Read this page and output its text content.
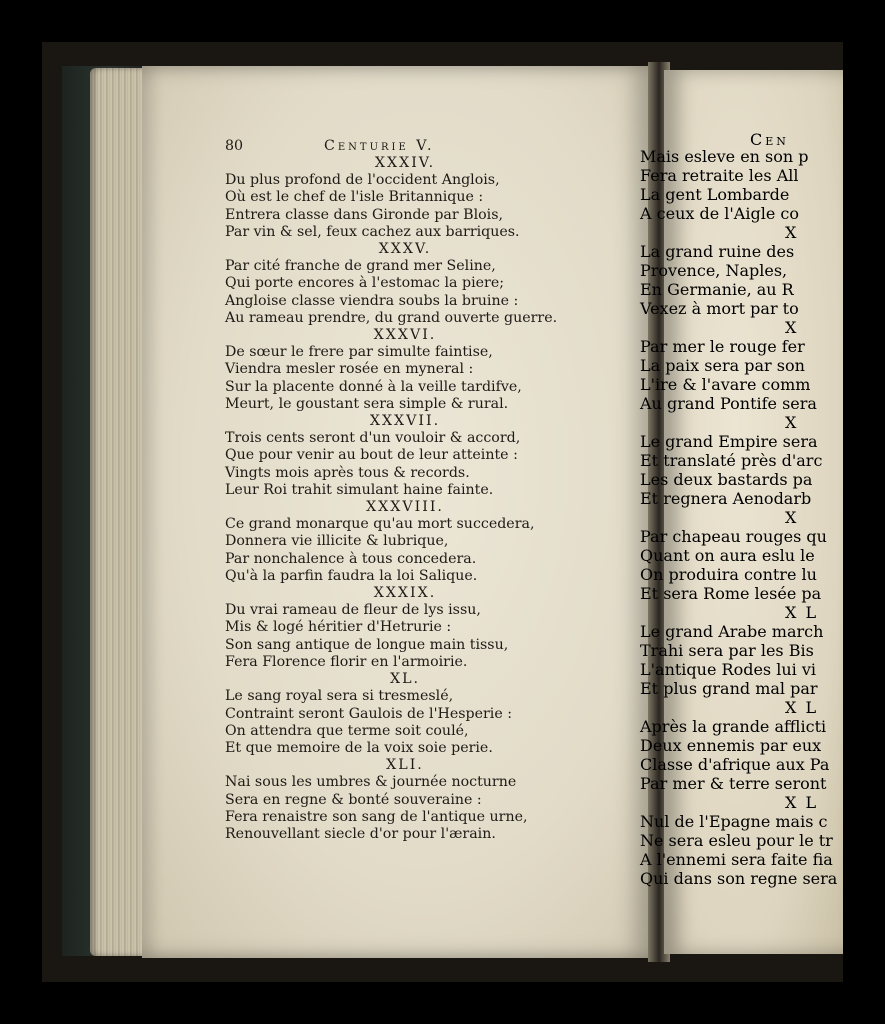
80	Centurie V.
XXXIV.
Du plus profond de l'occident Anglois,
Où est le chef de l'isle Britannique :
Entrera classe dans Gironde par Blois,
Par vin & sel, feux cachez aux barriques.
XXXV.
Par cité franche de grand mer Seline,
Qui porte encores à l'estomac la piere;
Angloise classe viendra soubs la bruine :
Au rameau prendre, du grand ouverte guerre.
XXXVI.
De sœur le frere par simulte faintise,
Viendra mesler rosée en myneral :
Sur la placente donné à la veille tardifve,
Meurt, le goustant sera simple & rural.
XXXVII.
Trois cents seront d'un vouloir & accord,
Que pour venir au bout de leur atteinte :
Vingts mois après tous & records.
Leur Roi trahit simulant haine fainte.
XXXVIII.
Ce grand monarque qu'au mort succedera,
Donnera vie illicite & lubrique,
Par nonchalence à tous concedera.
Qu'à la parfin faudra la loi Salique.
XXXIX.
Du vrai rameau de fleur de lys issu,
Mis & logé héritier d'Hetrurie :
Son sang antique de longue main tissu,
Fera Florence florir en l'armoirie.
XL.
Le sang royal sera si tresmeslé,
Contraint seront Gaulois de l'Hesperie :
On attendra que terme soit coulé,
Et que memoire de la voix soie perie.
XLI.
Nai sous les umbres & journée nocturne
Sera en regne & bonté souveraine :
Fera renaistre son sang de l'antique urne,
Renouvellant siecle d'or pour l'ærain.
Cen
Mais esleve en son p
Fera retraite les All
La gent Lombarde
A ceux de l'Aigle co
X
La grand ruine des
Provence, Naples,
En Germanie, au R
Vexez à mort par to
X
Par mer le rouge fer
La paix sera par son
L'ire & l'avare comm
Au grand Pontife sera
X
Le grand Empire sera
Et translaté près d'arc
Les deux bastards pa
Et regnera Aenodarb
X
Par chapeau rouges qu
Quant on aura eslu le
On produira contre lu
Et sera Rome lesée pa
X L
Le grand Arabe march
Trahi sera par les Bis
L'antique Rodes lui vi
Et plus grand mal par
X L
Après la grande afflicti
Deux ennemis par eux
Classe d'afrique aux Pa
Par mer & terre seront
X L
Nul de l'Epagne mais c
Ne sera esleu pour le tr
A l'ennemi sera faite fia
Qui dans son regne sera
